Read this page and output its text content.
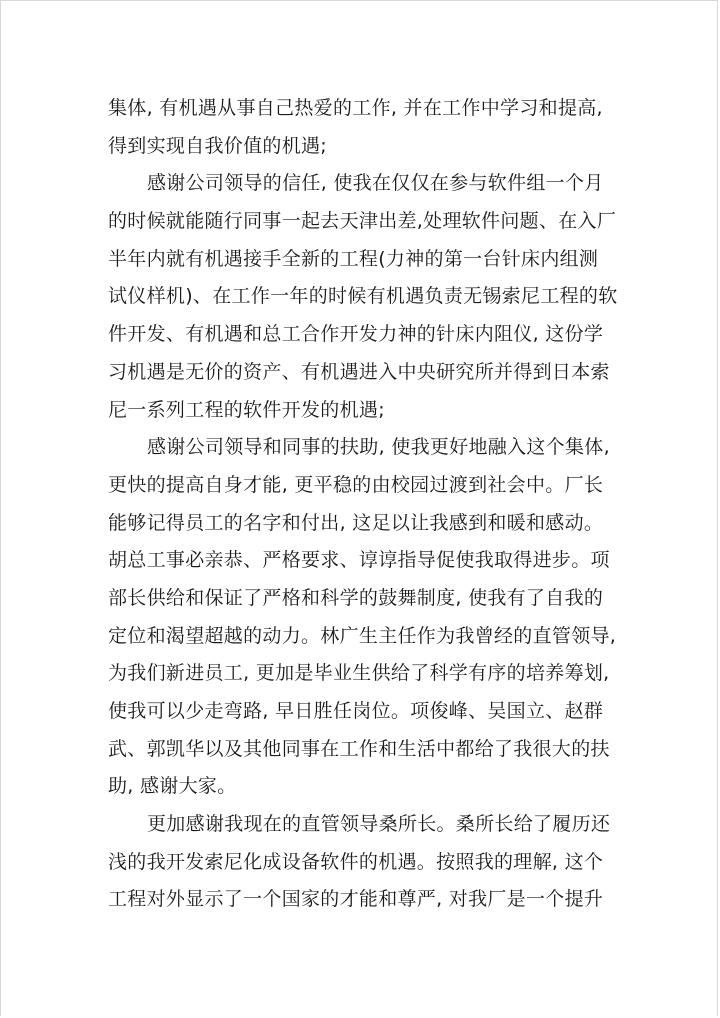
集体, 有机遇从事自己热爱的工作, 并在工作中学习和提高,
得到实现自我价值的机遇;
感谢公司领导的信任, 使我在仅仅在参与软件组一个月
的时候就能随行同事一起去天津出差,处理软件问题、在入厂
半年内就有机遇接手全新的工程(力神的第一台针床内组测
试仪样机)、在工作一年的时候有机遇负责无锡索尼工程的软
件开发、有机遇和总工合作开发力神的针床内阻仪, 这份学
习机遇是无价的资产、有机遇进入中央研究所并得到日本索
尼一系列工程的软件开发的机遇;
感谢公司领导和同事的扶助, 使我更好地融入这个集体,
更快的提高自身才能, 更平稳的由校园过渡到社会中。厂长
能够记得员工的名字和付出, 这足以让我感到和暖和感动。
胡总工事必亲恭、严格要求、谆谆指导促使我取得进步。项
部长供给和保证了严格和科学的鼓舞制度, 使我有了自我的
定位和渴望超越的动力。林广生主任作为我曾经的直管领导,
为我们新进员工, 更加是毕业生供给了科学有序的培养筹划,
使我可以少走弯路, 早日胜任岗位。项俊峰、吴国立、赵群
武、郭凯华以及其他同事在工作和生活中都给了我很大的扶
助, 感谢大家。
更加感谢我现在的直管领导桑所长。桑所长给了履历还
浅的我开发索尼化成设备软件的机遇。按照我的理解, 这个
工程对外显示了一个国家的才能和尊严, 对我厂是一个提升
